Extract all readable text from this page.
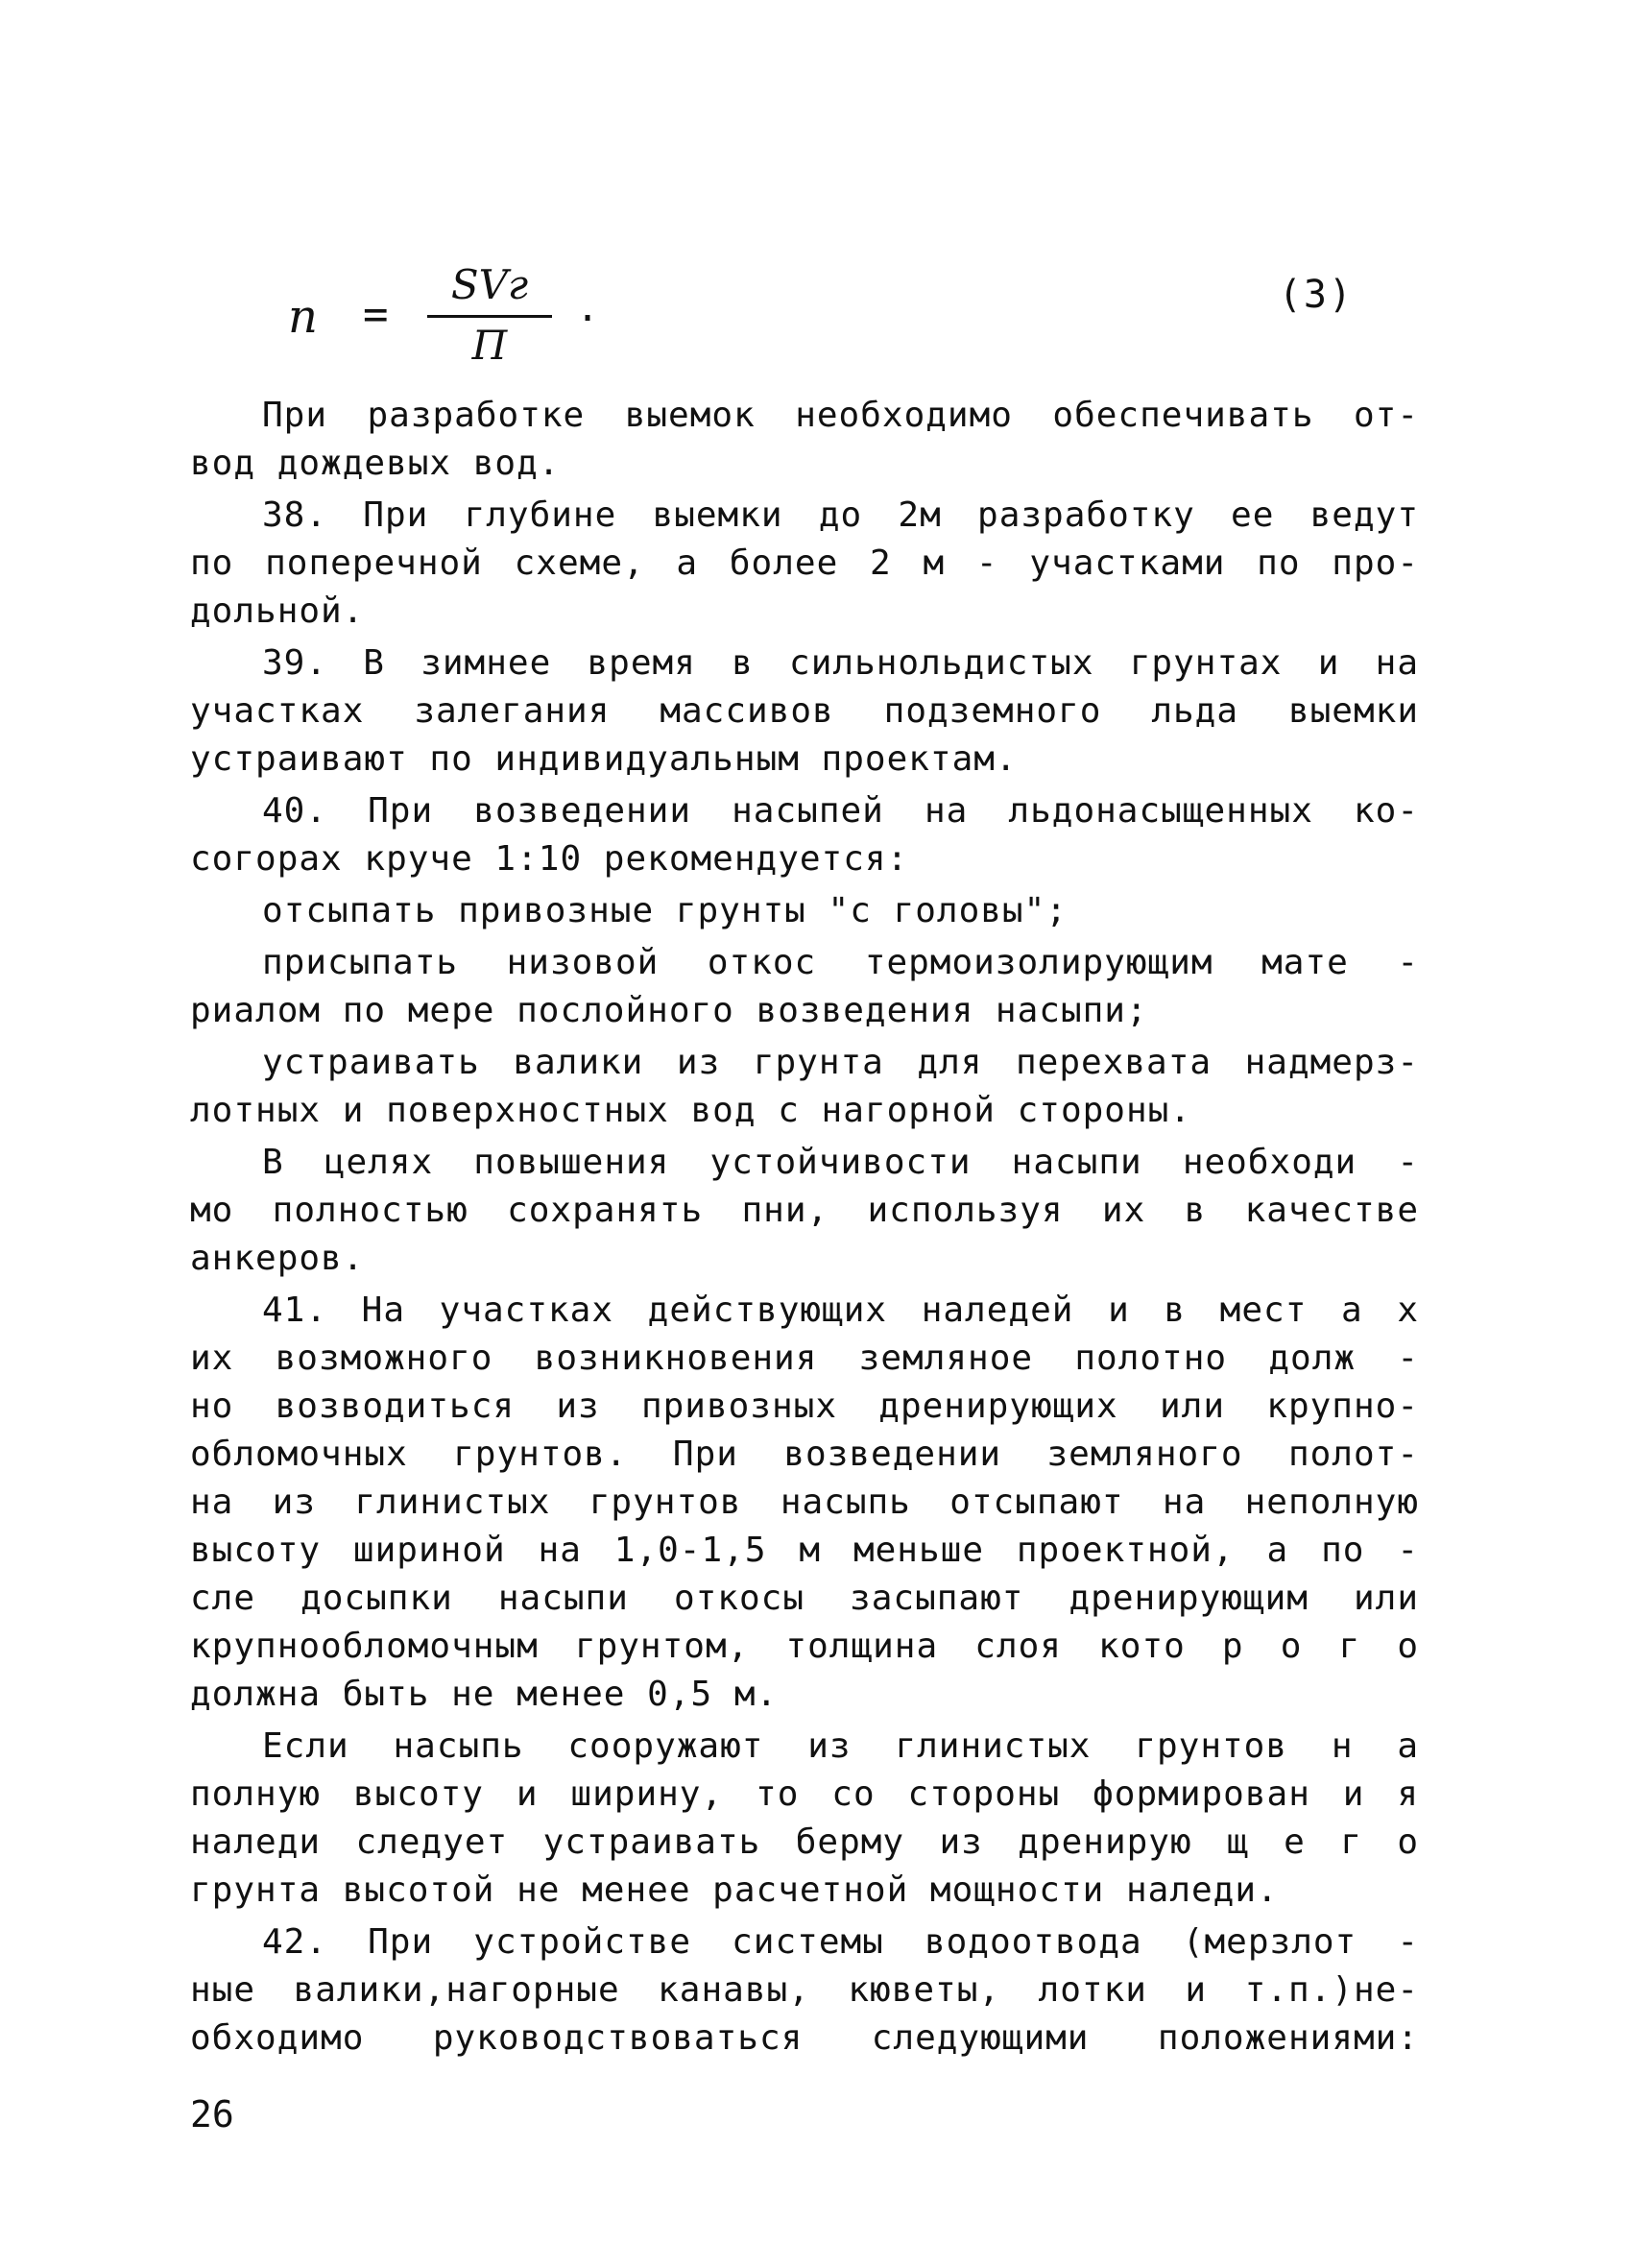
n =
SVг
П
.	(3)
При разработке выемок необходимо обеспечивать от-
вод дождевых вод.
38. При глубине выемки до 2м разработку ее ведут
по поперечной схеме, а более 2 м - участками по про-
дольной.
39. В зимнее время в сильнольдистых грунтах и на
участках залегания массивов подземного льда выемки
устраивают по индивидуальным проектам.
40. При возведении насыпей на льдонасыщенных ко-
согорах круче 1:10 рекомендуется:
отсыпать привозные грунты "с головы";
присыпать низовой откос термоизолирующим мате -
риалом по мере послойного возведения насыпи;
устраивать валики из грунта для перехвата надмерз-
лотных и поверхностных вод с нагорной стороны.
В целях повышения устойчивости насыпи необходи -
мо полностью сохранять пни, используя их в качестве
анкеров.
41. На участках действующих наледей и в мест а х
их возможного возникновения земляное полотно долж -
но возводиться из привозных дренирующих или крупно-
обломочных грунтов. При возведении земляного полот-
на из глинистых грунтов насыпь отсыпают на неполную
высоту шириной на 1,0-1,5 м меньше проектной, а по -
сле досыпки насыпи откосы засыпают дренирующим или
крупнообломочным грунтом, толщина слоя кото р о г о
должна быть не менее 0,5 м.
Если насыпь сооружают из глинистых грунтов н а
полную высоту и ширину, то со стороны формирован и я
наледи следует устраивать берму из дренирую щ е г о
грунта высотой не менее расчетной мощности наледи.
42. При устройстве системы водоотвода (мерзлот -
ные валики,нагорные канавы, кюветы, лотки и т.п.)не-
обходимо руководствоваться следующими положениями:
26
